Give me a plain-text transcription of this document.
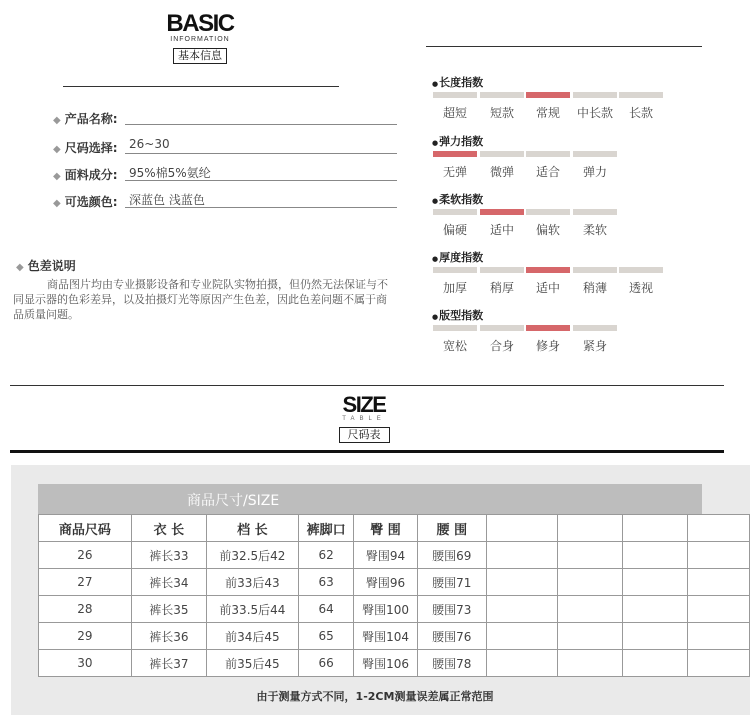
BASIC
INFORMATION
基本信息
◆ 产品名称:
◆ 尺码选择: 26~30
◆ 面料成分: 95%棉5%氨纶
◆ 可选颜色: 深蓝色 浅蓝色
◆ 色差说明
商品图片均由专业摄影设备和专业院队实物拍摄，但仍然无法保证与不同显示器的色彩差异，以及拍摄灯光等原因产生色差，因此色差问题不属于商品质量问题。
●长度指数
超短	短款	常规	中长款	长款
●弹力指数
无弹	微弹	适合	弹力
●柔软指数
偏硬	适中	偏软	柔软
●厚度指数
加厚	稍厚	适中	稍薄	透视
●版型指数
宽松	合身	修身	紧身
SIZE
TABLE
尺码表
商品尺寸/SIZE
商品尺码	衣 长	档 长	裤脚口	臀 围	腰 围				
26	裤长33	前32.5后42	62	臀围94	腰围69				
27	裤长34	前33后43	63	臀围96	腰围71				
28	裤长35	前33.5后44	64	臀围100	腰围73				
29	裤长36	前34后45	65	臀围104	腰围76				
30	裤长37	前35后45	66	臀围106	腰围78				
由于测量方式不同，1-2CM测量误差属正常范围
